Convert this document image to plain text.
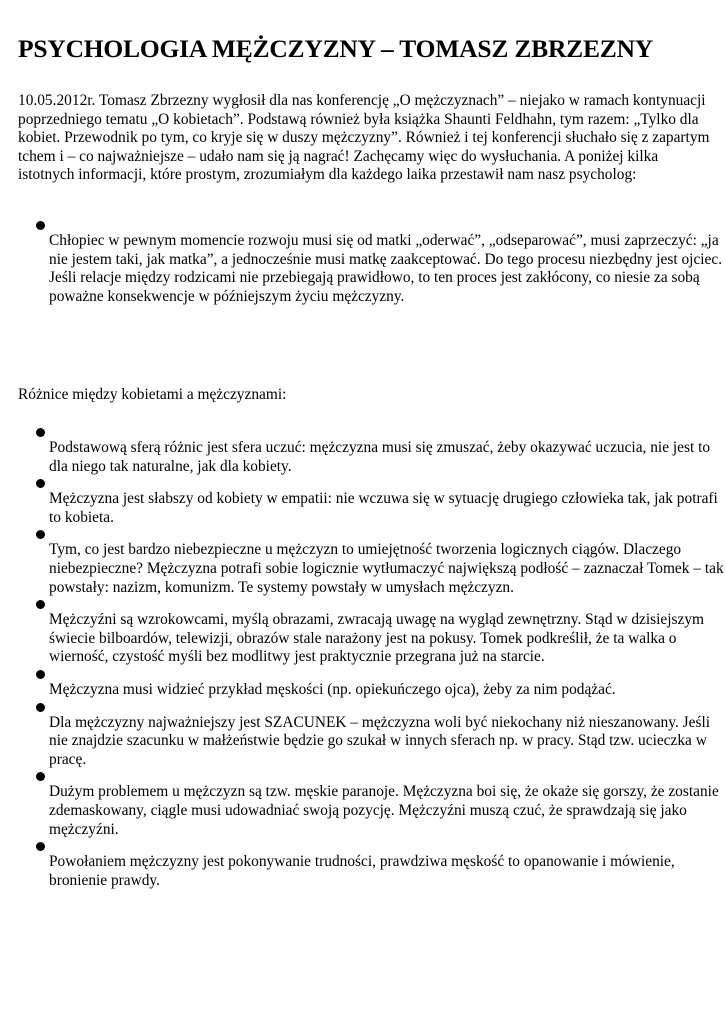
PSYCHOLOGIA MĘŻCZYZNY – TOMASZ ZBRZEZNY

10.05.2012r. Tomasz Zbrzezny wygłosił dla nas konferencję „O mężczyznach” – niejako w ramach kontynuacji poprzedniego tematu „O kobietach”. Podstawą również była książka Shaunti Feldhahn, tym razem: „Tylko dla kobiet. Przewodnik po tym, co kryje się w duszy mężczyzny”. Również i tej konferencji słuchało się z zapartym tchem i – co najważniejsze – udało nam się ją nagrać! Zachęcamy więc do wysłuchania. A poniżej kilka istotnych informacji, które prostym, zrozumiałym dla każdego laika przestawił nam nasz psycholog:

Chłopiec w pewnym momencie rozwoju musi się od matki „oderwać”, „odseparować”, musi zaprzeczyć: „ja nie jestem taki, jak matka”, a jednocześnie musi matkę zaakceptować. Do tego procesu niezbędny jest ojciec. Jeśli relacje między rodzicami nie przebiegają prawidłowo, to ten proces jest zakłócony, co niesie za sobą poważne konsekwencje w późniejszym życiu mężczyzny.

Różnice między kobietami a mężczyznami:

Podstawową sferą różnic jest sfera uczuć: mężczyzna musi się zmuszać, żeby okazywać uczucia, nie jest to dla niego tak naturalne, jak dla kobiety.
Mężczyzna jest słabszy od kobiety w empatii: nie wczuwa się w sytuację drugiego człowieka tak, jak potrafi to kobieta.
Tym, co jest bardzo niebezpieczne u mężczyzn to umiejętność tworzenia logicznych ciągów. Dlaczego niebezpieczne? Mężczyzna potrafi sobie logicznie wytłumaczyć największą podłość – zaznaczał Tomek – tak powstały: nazizm, komunizm. Te systemy powstały w umysłach mężczyzn.
Mężczyźni są wzrokowcami, myślą obrazami, zwracają uwagę na wygląd zewnętrzny. Stąd w dzisiejszym świecie bilboardów, telewizji, obrazów stale narażony jest na pokusy. Tomek podkreślił, że ta walka o wierność, czystość myśli bez modlitwy jest praktycznie przegrana już na starcie.
Mężczyzna musi widzieć przykład męskości (np. opiekuńczego ojca), żeby za nim podążać.
Dla mężczyzny najważniejszy jest SZACUNEK – mężczyzna woli być niekochany niż nieszanowany. Jeśli nie znajdzie szacunku w małżeństwie będzie go szukał w innych sferach np. w pracy. Stąd tzw. ucieczka w pracę.
Dużym problemem u mężczyzn są tzw. męskie paranoje. Mężczyzna boi się, że okaże się gorszy, że zostanie zdemaskowany, ciągle musi udowadniać swoją pozycję. Mężczyźni muszą czuć, że sprawdzają się jako mężczyźni.
Powołaniem mężczyzny jest pokonywanie trudności, prawdziwa męskość to opanowanie i mówienie, bronienie prawdy.
